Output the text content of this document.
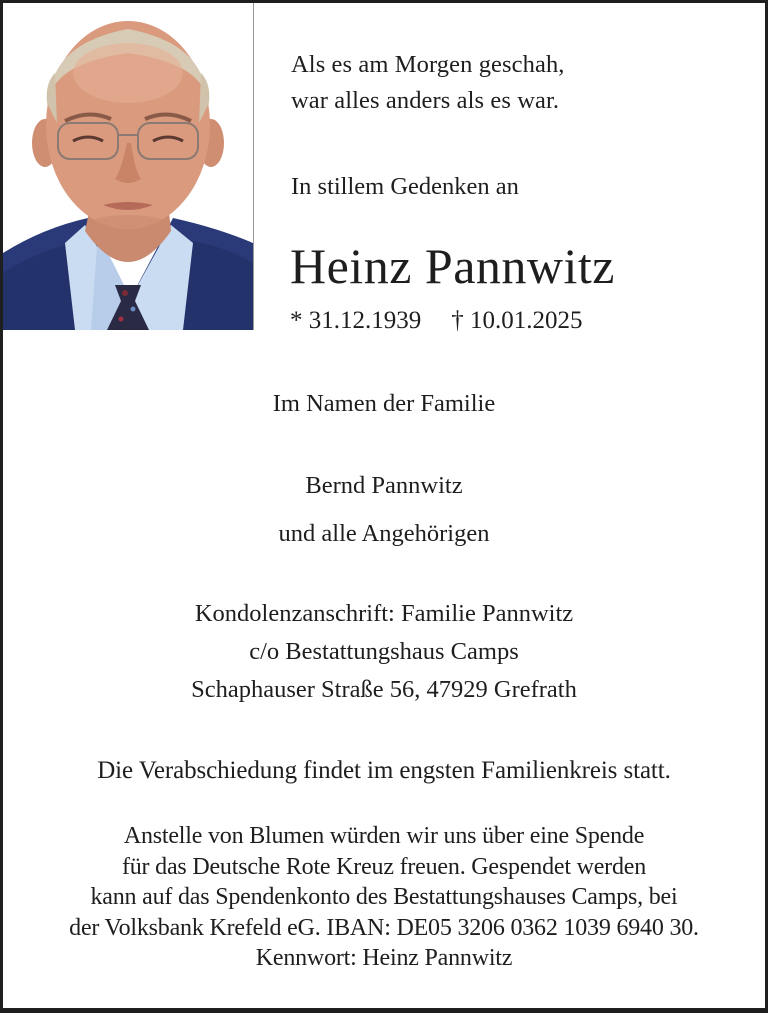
Als es am Morgen geschah,
war alles anders als es war.
In stillem Gedenken an
Heinz Pannwitz
* 31.12.1939 † 10.01.2025
Im Namen der Familie
Bernd Pannwitz
und alle Angehörigen
Kondolenzanschrift: Familie Pannwitz
c/o Bestattungshaus Camps
Schaphauser Straße 56, 47929 Grefrath
Die Verabschiedung findet im engsten Familienkreis statt.
Anstelle von Blumen würden wir uns über eine Spende
für das Deutsche Rote Kreuz freuen. Gespendet werden
kann auf das Spendenkonto des Bestattungshauses Camps, bei
der Volksbank Krefeld eG. IBAN: DE05 3206 0362 1039 6940 30.
Kennwort: Heinz Pannwitz
